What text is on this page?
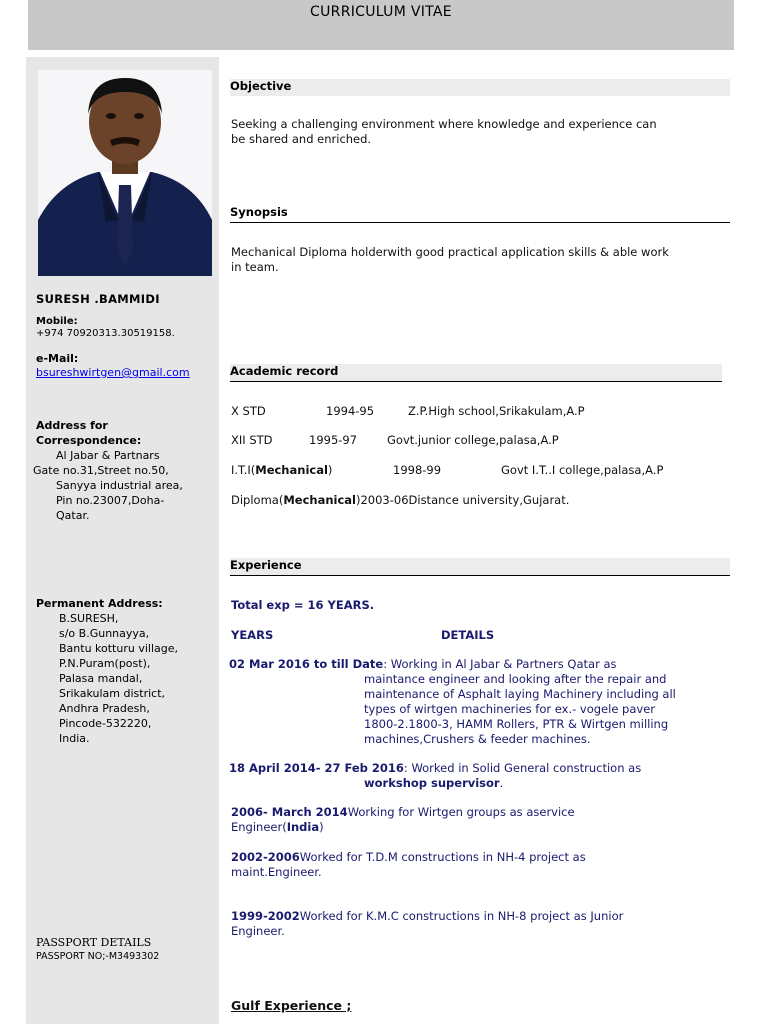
CURRICULUM VITAE
SURESH .BAMMIDI
Mobile:
+974 70920313.30519158.
e-Mail:
bsureshwirtgen@gmail.com
Address for
Correspondence:
Al Jabar & Partnars
Gate no.31,Street no.50,
Sanyya industrial area,
Pin no.23007,Doha-
Qatar.
Permanent Address:
B.SURESH,
s/o B.Gunnayya,
Bantu kotturu village,
P.N.Puram(post),
Palasa mandal,
Srikakulam district,
Andhra Pradesh,
Pincode-532220,
India.
PASSPORT DETAILS
PASSPORT NO;-M3493302
Objective
Seeking a challenging environment where knowledge and experience can
be shared and enriched.
Synopsis
Mechanical Diploma holderwith good practical application skills & able work
in team.
Academic record
X STD	1994-95	Z.P.High school,Srikakulam,A.P
XII STD	1995-97	Govt.junior college,palasa,A.P
I.T.I(Mechanical)	1998-99	Govt I.T..I college,palasa,A.P
Diploma(Mechanical)2003-06Distance university,Gujarat.
Experience
Total exp = 16 YEARS.
YEARS	DETAILS
02 Mar 2016 to till Date: Working in Al Jabar & Partners Qatar as
maintance engineer and looking after the repair and
maintenance of Asphalt laying Machinery including all
types of wirtgen machineries for ex.- vogele paver
1800-2.1800-3, HAMM Rollers, PTR & Wirtgen milling
machines,Crushers & feeder machines.
18 April 2014- 27 Feb 2016: Worked in Solid General construction as
workshop supervisor.
2006- March 2014Working for Wirtgen groups as aservice
Engineer(India)
2002-2006Worked for T.D.M constructions in NH-4 project as
maint.Engineer.
1999-2002Worked for K.M.C constructions in NH-8 project as Junior
Engineer.
Gulf Experience ;
